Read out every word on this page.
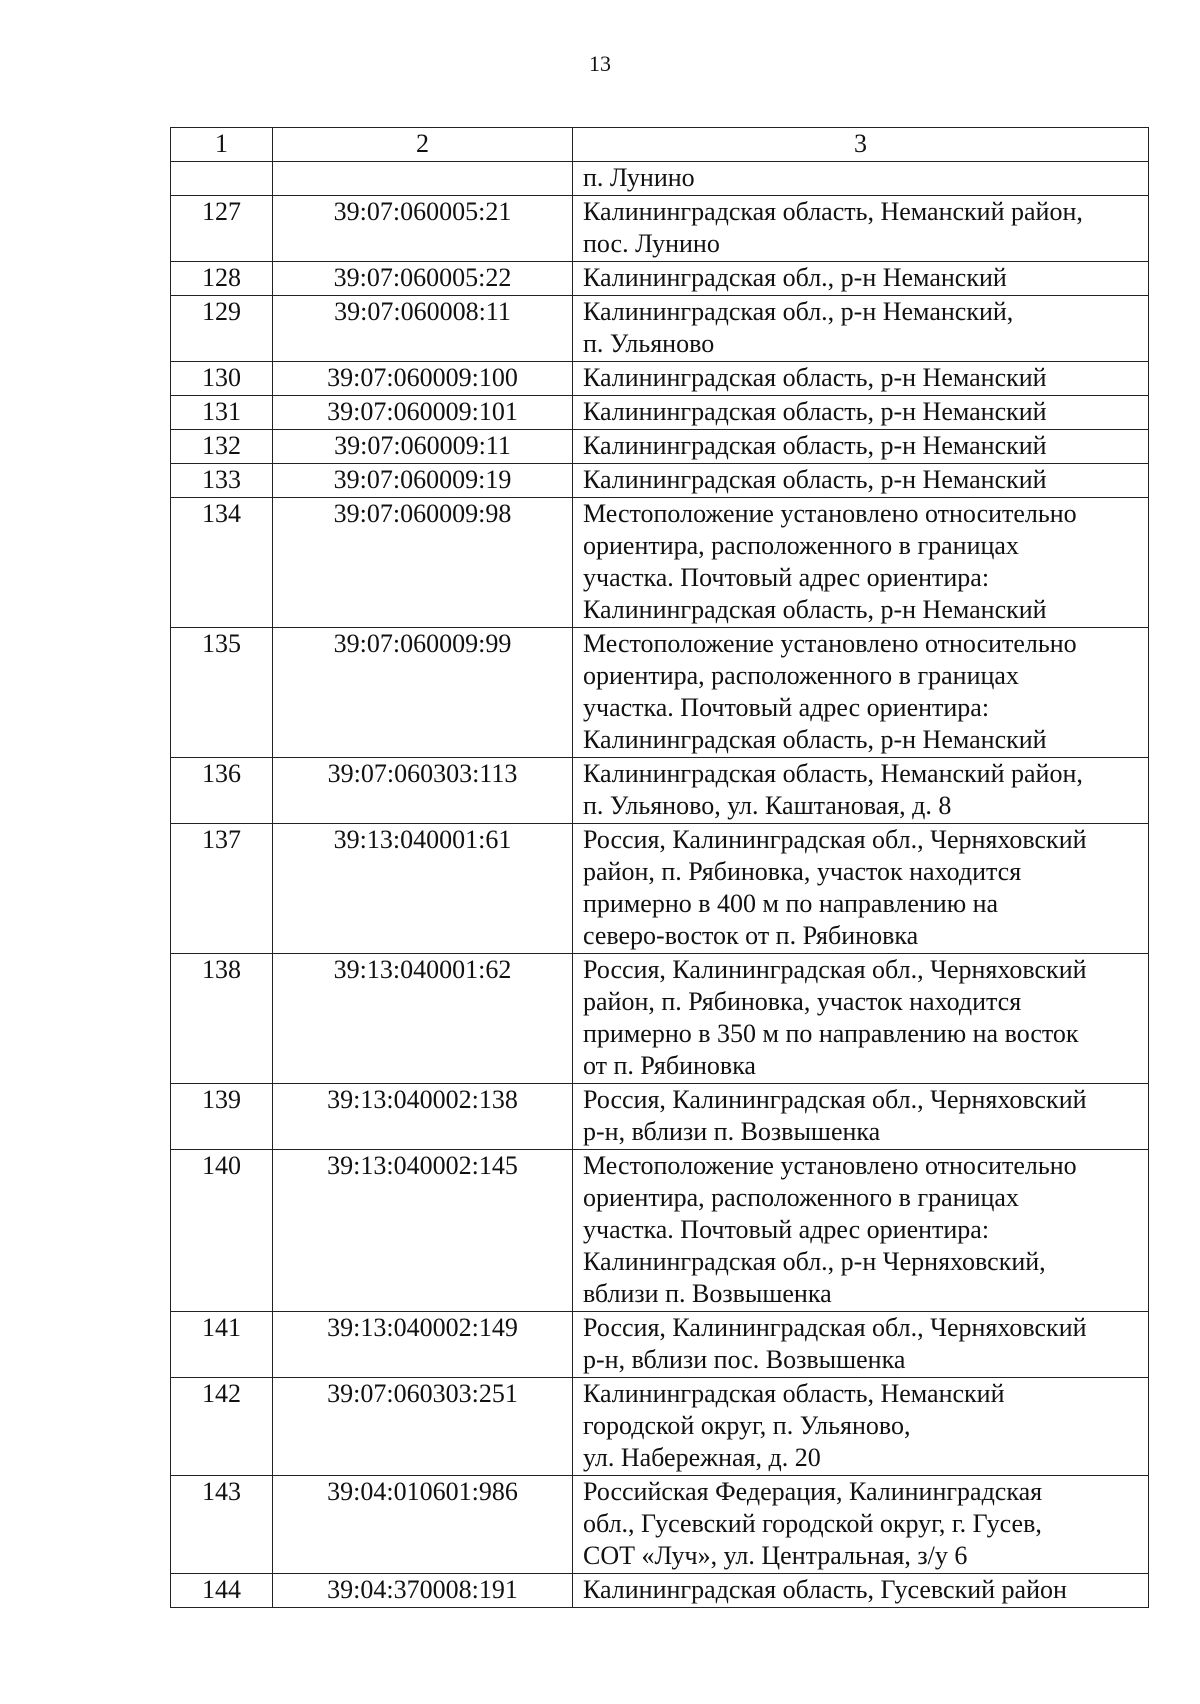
13
1	2	3

		п. Лунино

127	39:07:060005:21	Калининградская область, Неманский район,
пос. Лунино

128	39:07:060005:22	Калининградская обл., р-н Неманский

129	39:07:060008:11	Калининградская обл., р-н Неманский,
п. Ульяново

130	39:07:060009:100	Калининградская область, р-н Неманский

131	39:07:060009:101	Калининградская область, р-н Неманский

132	39:07:060009:11	Калининградская область, р-н Неманский

133	39:07:060009:19	Калининградская область, р-н Неманский

134	39:07:060009:98	Местоположение установлено относительно
ориентира, расположенного в границах
участка. Почтовый адрес ориентира:
Калининградская область, р-н Неманский

135	39:07:060009:99	Местоположение установлено относительно
ориентира, расположенного в границах
участка. Почтовый адрес ориентира:
Калининградская область, р-н Неманский

136	39:07:060303:113	Калининградская область, Неманский район,
п. Ульяново, ул. Каштановая, д. 8

137	39:13:040001:61	Россия, Калининградская обл., Черняховский
район, п. Рябиновка, участок находится
примерно в 400 м по направлению на
северо-восток от п. Рябиновка

138	39:13:040001:62	Россия, Калининградская обл., Черняховский
район, п. Рябиновка, участок находится
примерно в 350 м по направлению на восток
от п. Рябиновка

139	39:13:040002:138	Россия, Калининградская обл., Черняховский
р-н, вблизи п. Возвышенка

140	39:13:040002:145	Местоположение установлено относительно
ориентира, расположенного в границах
участка. Почтовый адрес ориентира:
Калининградская обл., р-н Черняховский,
вблизи п. Возвышенка

141	39:13:040002:149	Россия, Калининградская обл., Черняховский
р-н, вблизи пос. Возвышенка

142	39:07:060303:251	Калининградская область, Неманский
городской округ, п. Ульяново,
ул. Набережная, д. 20

143	39:04:010601:986	Российская Федерация, Калининградская
обл., Гусевский городской округ, г. Гусев,
СОТ «Луч», ул. Центральная, з/у 6

144	39:04:370008:191	Калининградская область, Гусевский район
